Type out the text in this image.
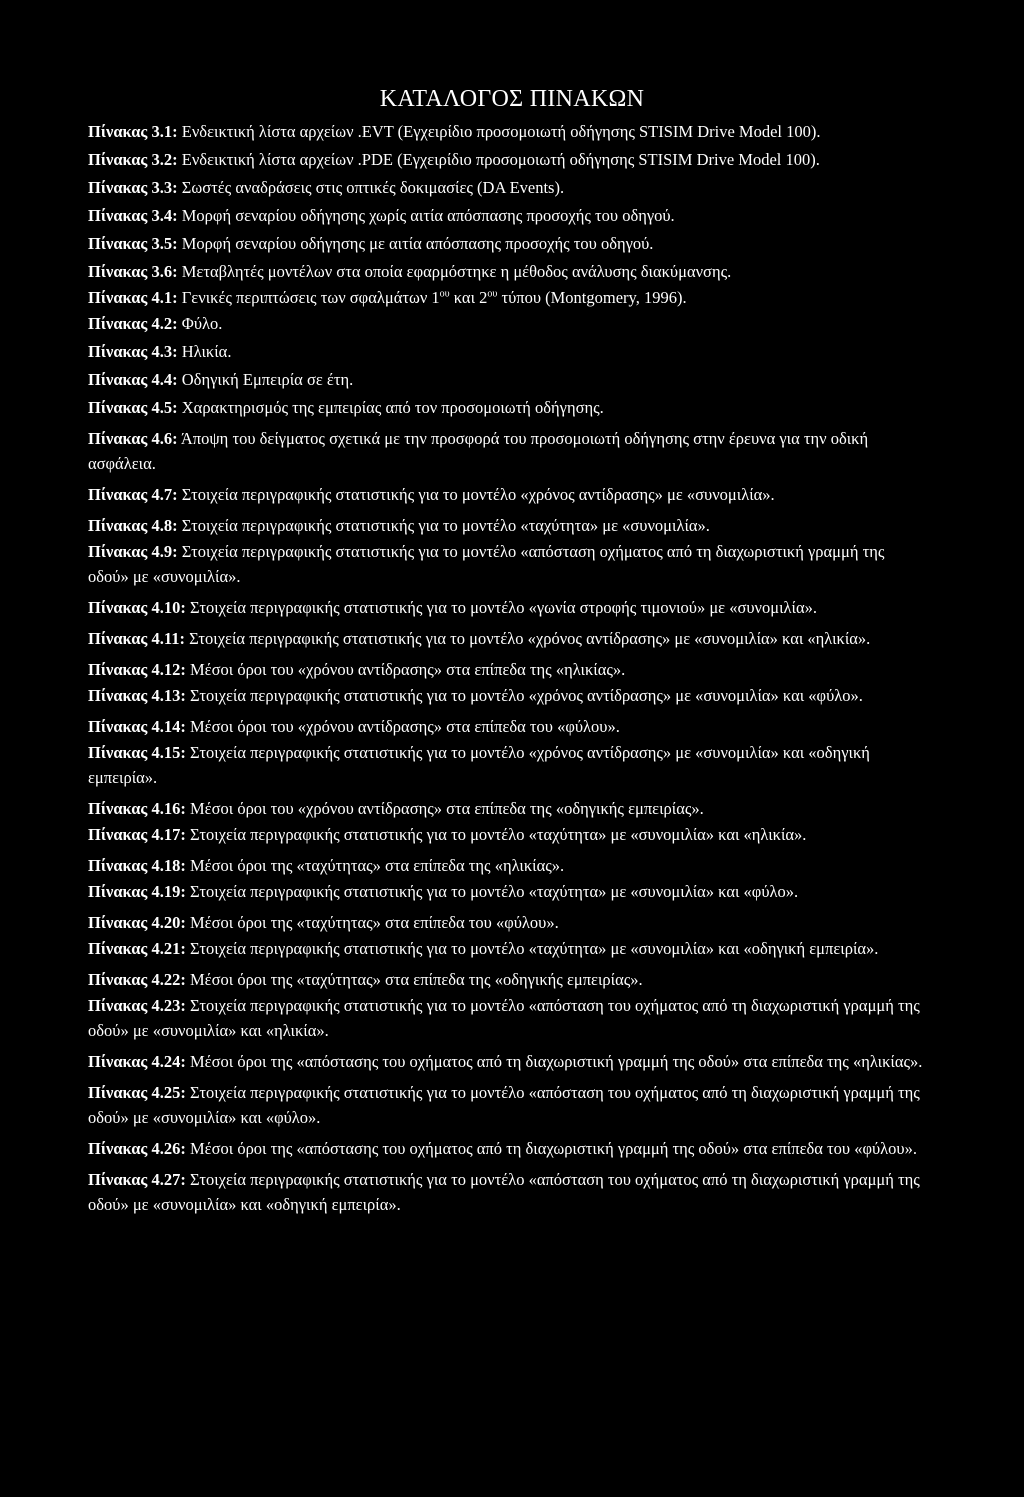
ΚΑΤΑΛΟΓΟΣ ΠΙΝΑΚΩΝ
Πίνακας 3.1: Ενδεικτική λίστα αρχείων .EVT (Εγχειρίδιο προσομοιωτή οδήγησης STISIM Drive Model 100).
Πίνακας 3.2: Ενδεικτική λίστα αρχείων .PDE (Εγχειρίδιο προσομοιωτή οδήγησης STISIM Drive Model 100).
Πίνακας 3.3: Σωστές αναδράσεις στις οπτικές δοκιμασίες (DA Events).
Πίνακας 3.4: Μορφή σεναρίου οδήγησης χωρίς αιτία απόσπασης προσοχής του οδηγού.
Πίνακας 3.5: Μορφή σεναρίου οδήγησης με αιτία απόσπασης προσοχής του οδηγού.
Πίνακας 3.6: Μεταβλητές μοντέλων στα οποία εφαρμόστηκε η μέθοδος ανάλυσης διακύμανσης.
Πίνακας 4.1: Γενικές περιπτώσεις των σφαλμάτων $1^{o\upsilon}$ και $2^{o\upsilon}$ τύπου (Montgomery, 1996).
Πίνακας 4.2: Φύλο.
Πίνακας 4.3: Ηλικία.
Πίνακας 4.4: Οδηγική Εμπειρία σε έτη.
Πίνακας 4.5: Χαρακτηρισμός της εμπειρίας από τον προσομοιωτή οδήγησης.
Πίνακας 4.6: Άποψη του δείγματος σχετικά με την προσφορά του προσομοιωτή οδήγησης στην έρευνα για την οδική ασφάλεια.
Πίνακας 4.7: Στοιχεία περιγραφικής στατιστικής για το μοντέλο «χρόνος αντίδρασης» με «συνομιλία».
Πίνακας 4.8: Στοιχεία περιγραφικής στατιστικής για το μοντέλο «ταχύτητα» με «συνομιλία».
Πίνακας 4.9: Στοιχεία περιγραφικής στατιστικής για το μοντέλο «απόσταση οχήματος από τη διαχωριστική γραμμή της οδού» με «συνομιλία».
Πίνακας 4.10: Στοιχεία περιγραφικής στατιστικής για το μοντέλο «γωνία στροφής τιμονιού» με «συνομιλία».
Πίνακας 4.11: Στοιχεία περιγραφικής στατιστικής για το μοντέλο «χρόνος αντίδρασης» με «συνομιλία» και «ηλικία».
Πίνακας 4.12: Μέσοι όροι του «χρόνου αντίδρασης» στα επίπεδα της «ηλικίας».
Πίνακας 4.13: Στοιχεία περιγραφικής στατιστικής για το μοντέλο «χρόνος αντίδρασης» με «συνομιλία» και «φύλο».
Πίνακας 4.14: Μέσοι όροι του «χρόνου αντίδρασης» στα επίπεδα του «φύλου».
Πίνακας 4.15: Στοιχεία περιγραφικής στατιστικής για το μοντέλο «χρόνος αντίδρασης» με «συνομιλία» και «οδηγική εμπειρία».
Πίνακας 4.16: Μέσοι όροι του «χρόνου αντίδρασης» στα επίπεδα της «οδηγικής εμπειρίας».
Πίνακας 4.17: Στοιχεία περιγραφικής στατιστικής για το μοντέλο «ταχύτητα» με «συνομιλία» και «ηλικία».
Πίνακας 4.18: Μέσοι όροι της «ταχύτητας» στα επίπεδα της «ηλικίας».
Πίνακας 4.19: Στοιχεία περιγραφικής στατιστικής για το μοντέλο «ταχύτητα» με «συνομιλία» και «φύλο».
Πίνακας 4.20: Μέσοι όροι της «ταχύτητας» στα επίπεδα του «φύλου».
Πίνακας 4.21: Στοιχεία περιγραφικής στατιστικής για το μοντέλο «ταχύτητα» με «συνομιλία» και «οδηγική εμπειρία».
Πίνακας 4.22: Μέσοι όροι της «ταχύτητας» στα επίπεδα της «οδηγικής εμπειρίας».
Πίνακας 4.23: Στοιχεία περιγραφικής στατιστικής για το μοντέλο «απόσταση του οχήματος από τη διαχωριστική γραμμή της οδού» με «συνομιλία» και «ηλικία».
Πίνακας 4.24: Μέσοι όροι της «απόστασης του οχήματος από τη διαχωριστική γραμμή της οδού» στα επίπεδα της «ηλικίας».
Πίνακας 4.25: Στοιχεία περιγραφικής στατιστικής για το μοντέλο «απόσταση του οχήματος από τη διαχωριστική γραμμή της οδού» με «συνομιλία» και «φύλο».
Πίνακας 4.26: Μέσοι όροι της «απόστασης του οχήματος από τη διαχωριστική γραμμή της οδού» στα επίπεδα του «φύλου».
Πίνακας 4.27: Στοιχεία περιγραφικής στατιστικής για το μοντέλο «απόσταση του οχήματος από τη διαχωριστική γραμμή της οδού» με «συνομιλία» και «οδηγική εμπειρία».
